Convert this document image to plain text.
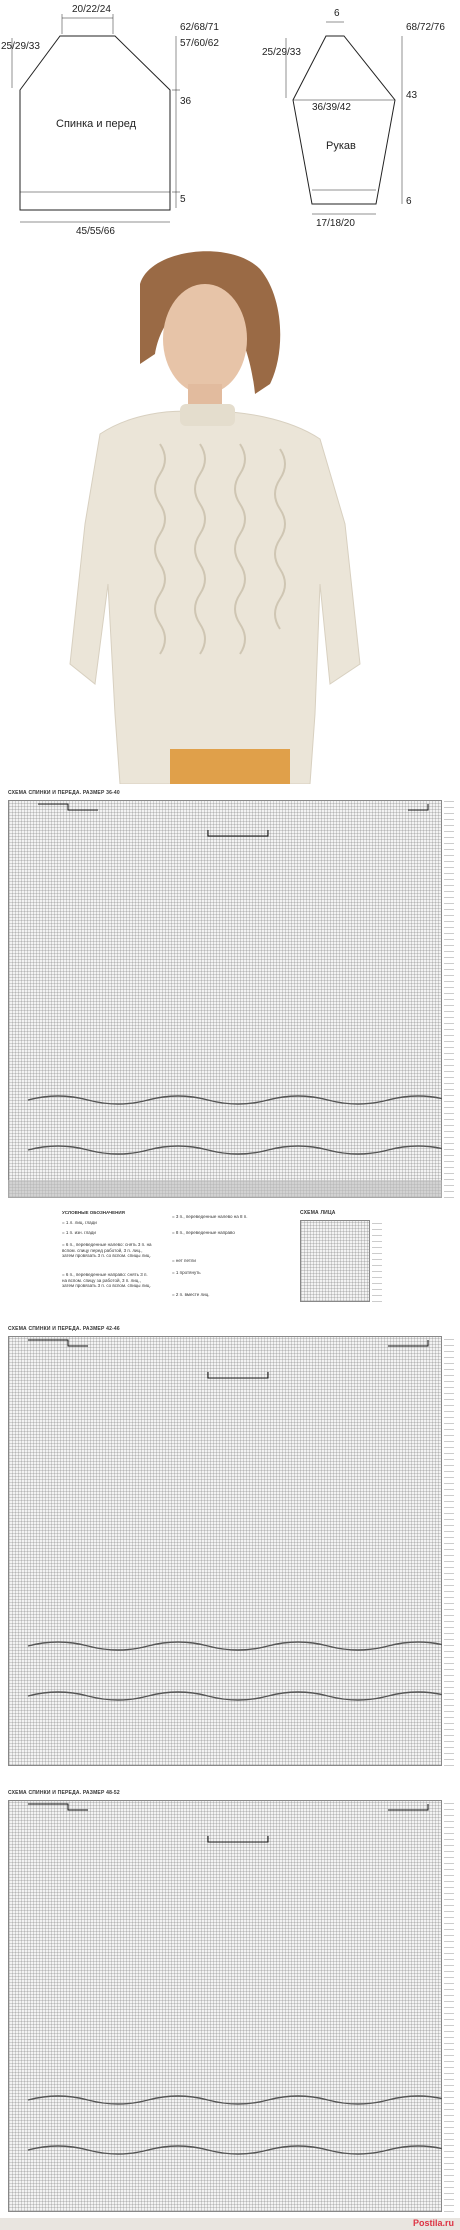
20/22/24
25/29/33
62/68/71
57/60/62
36
5
Спинка и перед
45/55/66
6
25/29/33
68/72/76
43
6
36/39/42
Рукав
17/18/20
СХЕМА СПИНКИ И ПЕРЕДА. РАЗМЕР 36-40
УСЛОВНЫЕ ОБОЗНАЧЕНИЯ
= 1 л. лиц. глади
= 1 п. изн. глади
= 6 п., переведенные налево: снять 3 п. на вспом. спицу перед работой, 3 п. лиц., затем провязать 3 п. со вспом. спицы лиц.
= 6 п., переведенные направо: снять 3 п. на вспом. спицу за работой, 3 п. лиц., затем провязать 3 п. со вспом. спицы лиц.
= 3 п., переведенные налево на 8 п.
= 8 п., переведенные направо
= нет петли
= 1 протянуть
= 2 п. вместе лиц.
СХЕМА ЛИЦА
СХЕМА СПИНКИ И ПЕРЕДА. РАЗМЕР 42-46
СХЕМА СПИНКИ И ПЕРЕДА. РАЗМЕР 48-52
Postila.ru
